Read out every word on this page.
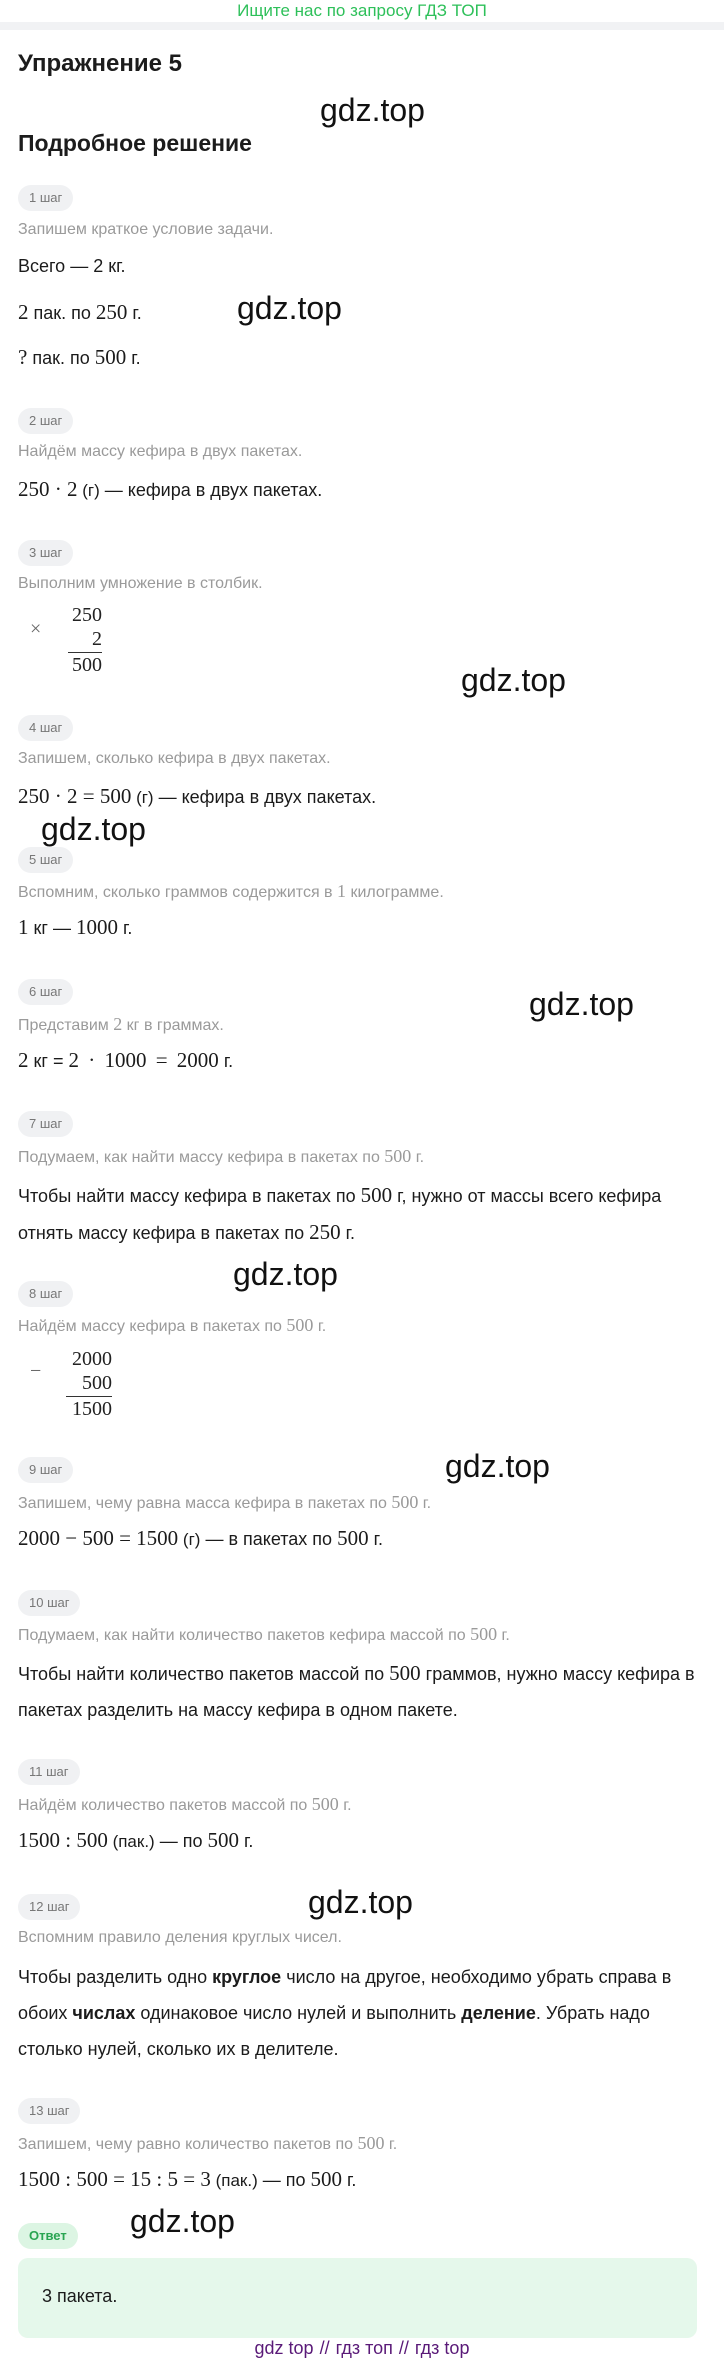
Ищите нас по запросу ГДЗ ТОП
Упражнение 5
Подробное решение
gdz.top
gdz.top
gdz.top
gdz.top
gdz.top
gdz.top
gdz.top
gdz.top
gdz.top
1 шаг
Запишем краткое условие задачи.
Всего — 2 кг.
2 пак. по 250 г.
? пак. по 500 г.
2 шаг
Найдём массу кефира в двух пакетах.
250 · 2 (г) — кефира в двух пакетах.
3 шаг
Выполним умножение в столбик.
×
250
2
500
4 шаг
Запишем, сколько кефира в двух пакетах.
250 · 2 = 500 (г) — кефира в двух пакетах.
5 шаг
Вспомним, сколько граммов содержится в 1 килограмме.
1 кг — 1000 г.
6 шаг
Представим 2 кг в граммах.
2 кг = 2 · 1000 = 2000 г.
7 шаг
Подумаем, как найти массу кефира в пакетах по 500 г.
Чтобы найти массу кефира в пакетах по 500 г, нужно от массы всего кефира отнять массу кефира в пакетах по 250 г.
8 шаг
Найдём массу кефира в пакетах по 500 г.
−
2000
500
1500
9 шаг
Запишем, чему равна масса кефира в пакетах по 500 г.
2000 − 500 = 1500 (г) — в пакетах по 500 г.
10 шаг
Подумаем, как найти количество пакетов кефира массой по 500 г.
Чтобы найти количество пакетов массой по 500 граммов, нужно массу кефира в пакетах разделить на массу кефира в одном пакете.
11 шаг
Найдём количество пакетов массой по 500 г.
1500 : 500 (пак.) — по 500 г.
12 шаг
Вспомним правило деления круглых чисел.
Чтобы разделить одно круглое число на другое, необходимо убрать справа в обоих числах одинаковое число нулей и выполнить деление. Убрать надо столько нулей, сколько их в делителе.
13 шаг
Запишем, чему равно количество пакетов по 500 г.
1500 : 500 = 15 : 5 = 3 (пак.) — по 500 г.
Ответ
3 пакета.
gdz top // гдз топ // гдз top
